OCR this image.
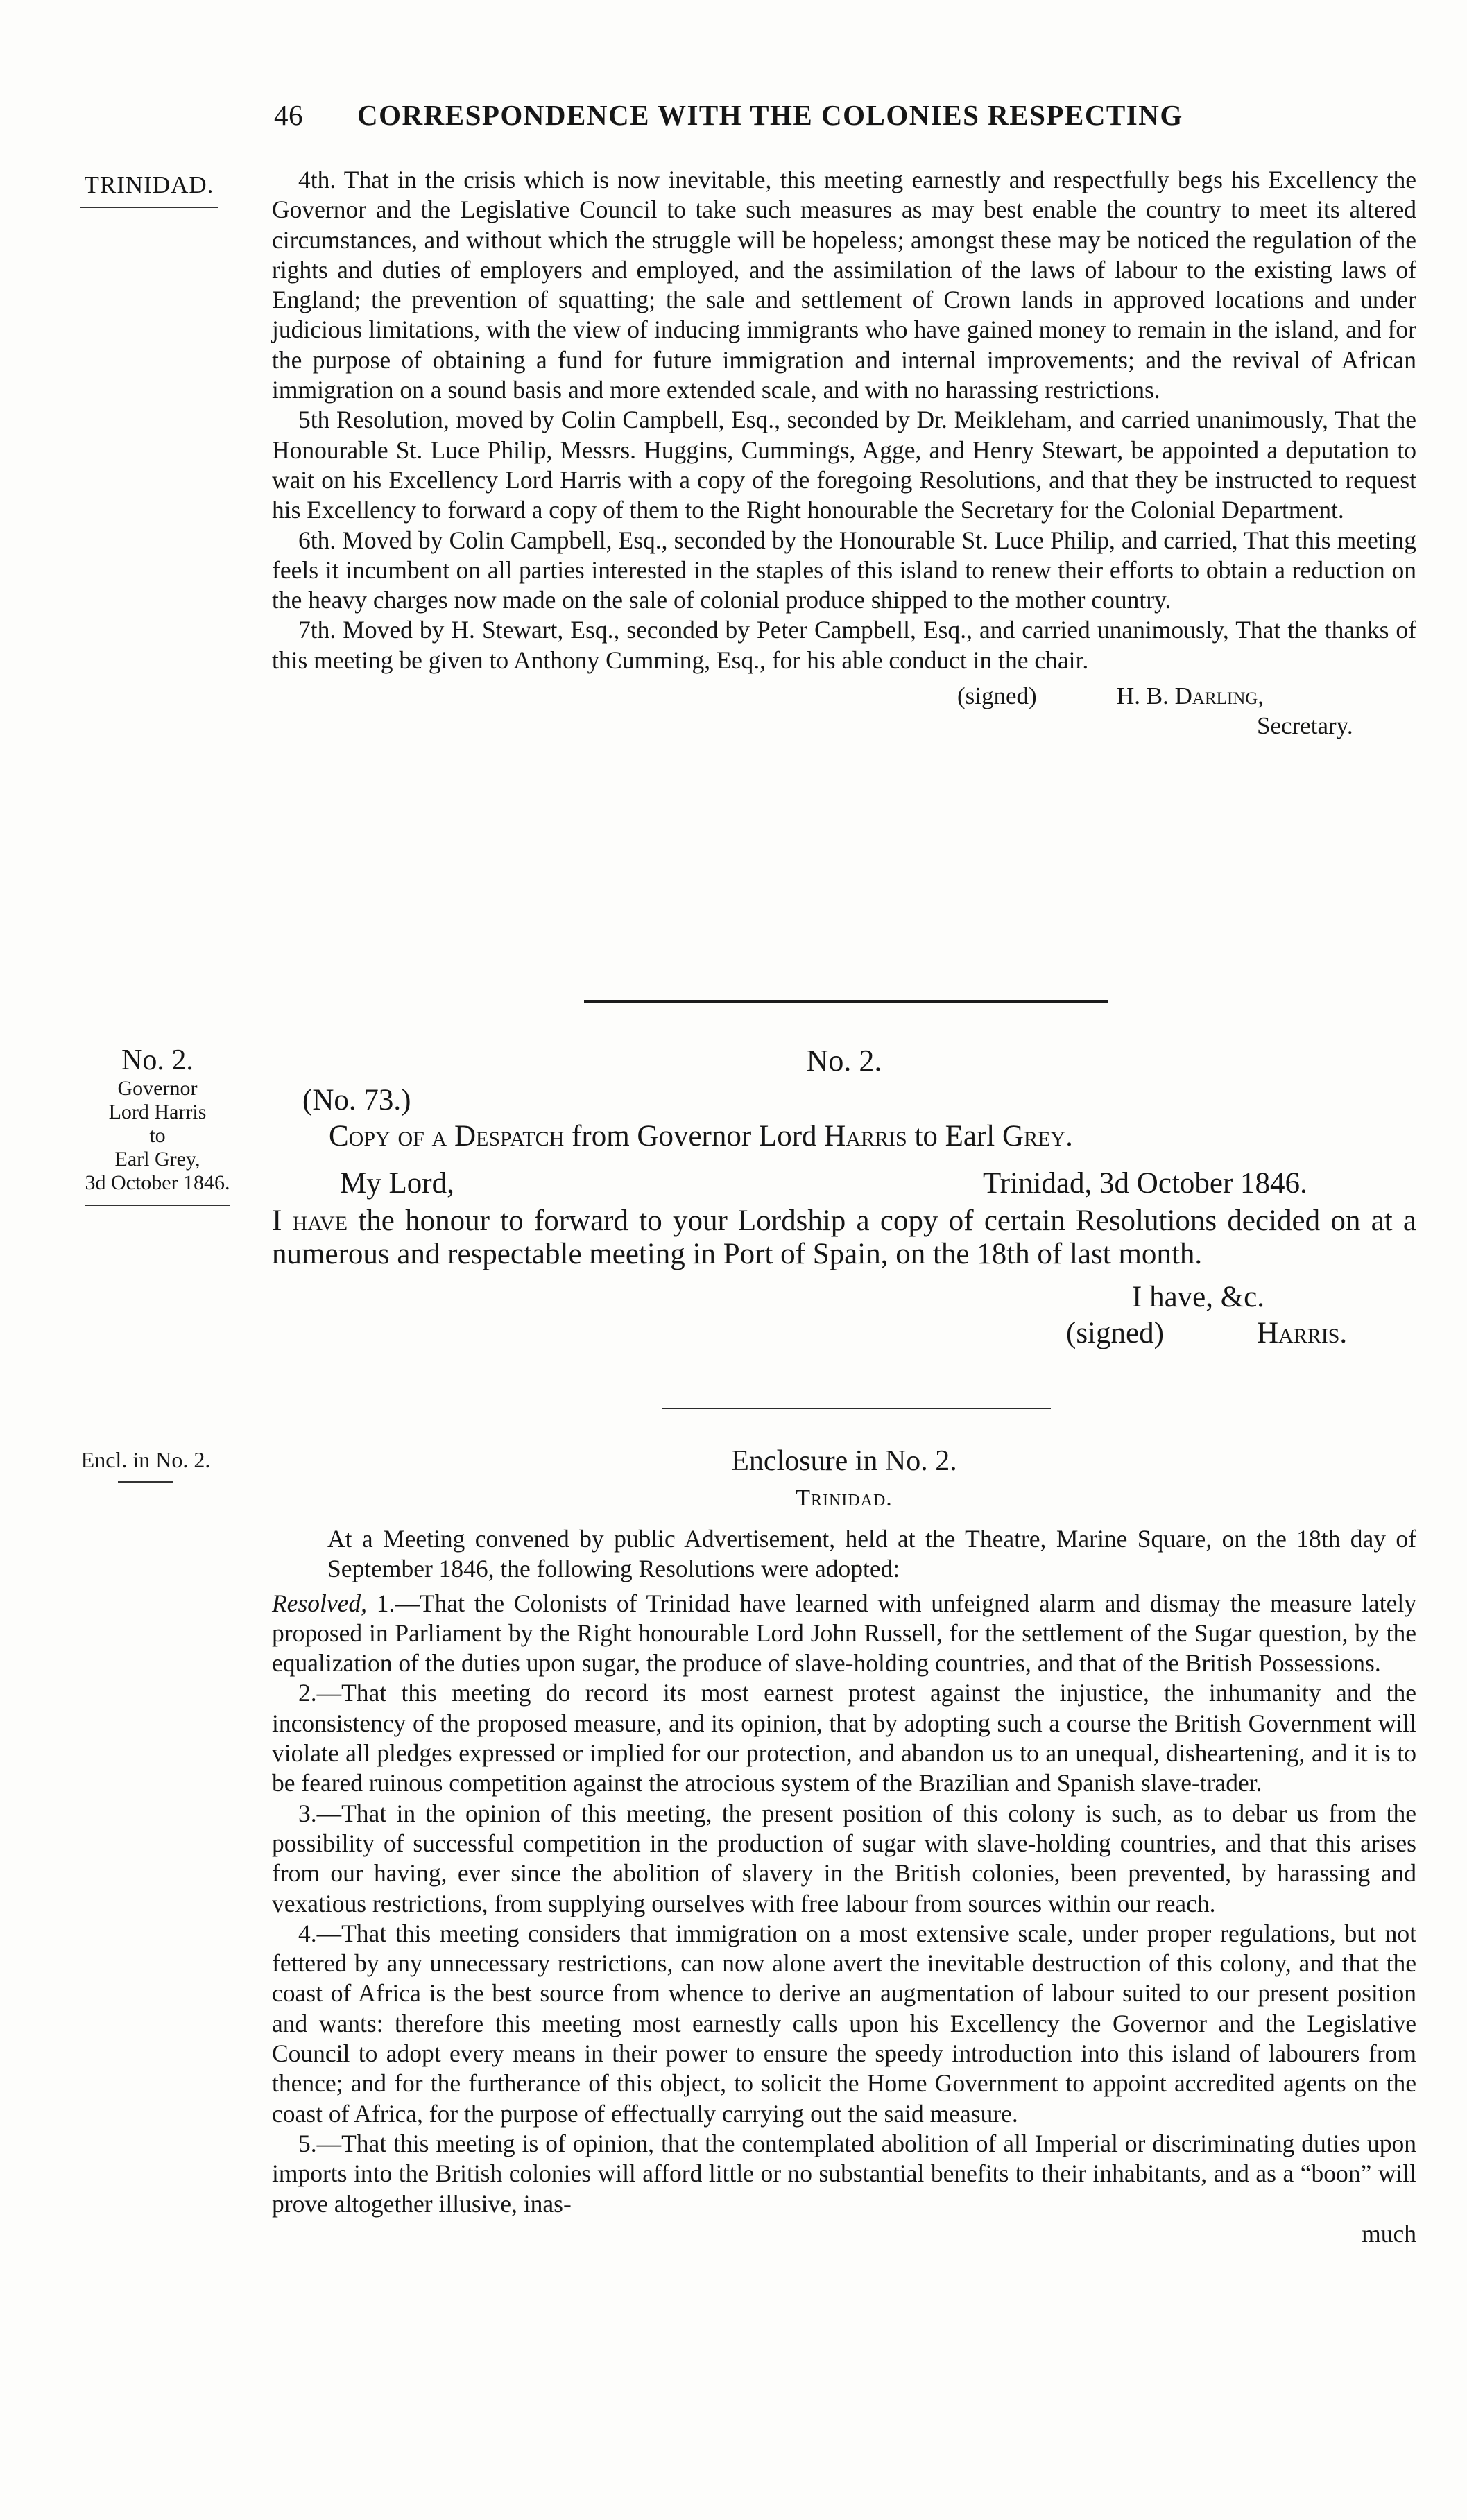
46 CORRESPONDENCE WITH THE COLONIES RESPECTING
TRINIDAD.	4th. That in the crisis which is now inevitable, this meeting earnestly and respectfully begs his Excellency the Governor and the Legislative Council to take such measures as may best enable the country to meet its altered circumstances, and without which the struggle will be hopeless; amongst these may be noticed the regulation of the rights and duties of employers and employed, and the assimilation of the laws of labour to the existing laws of England; the prevention of squatting; the sale and settlement of Crown lands in approved locations and under judicious limitations, with the view of inducing immigrants who have gained money to remain in the island, and for the purpose of obtaining a fund for future immigration and internal improvements; and the revival of African immigration on a sound basis and more extended scale, and with no harassing restrictions.

5th Resolution, moved by Colin Campbell, Esq., seconded by Dr. Meikleham, and carried unanimously, That the Honourable St. Luce Philip, Messrs. Huggins, Cummings, Agge, and Henry Stewart, be appointed a deputation to wait on his Excellency Lord Harris with a copy of the foregoing Resolutions, and that they be instructed to request his Excellency to forward a copy of them to the Right honourable the Secretary for the Colonial Department.

6th. Moved by Colin Campbell, Esq., seconded by the Honourable St. Luce Philip, and carried, That this meeting feels it incumbent on all parties interested in the staples of this island to renew their efforts to obtain a reduction on the heavy charges now made on the sale of colonial produce shipped to the mother country.

7th. Moved by H. Stewart, Esq., seconded by Peter Campbell, Esq., and carried unanimously, That the thanks of this meeting be given to Anthony Cumming, Esq., for his able conduct in the chair.

(signed)	H. B. Darling,
Secretary.
No. 2.
Governor
Lord Harris
to
Earl Grey,
3d October 1846.
No. 2.
(No. 73.)
Copy of a Despatch from Governor Lord Harris to Earl Grey.
My Lord,	Trinidad, 3d October 1846.

I have the honour to forward to your Lordship a copy of certain Resolutions decided on at a numerous and respectable meeting in Port of Spain, on the 18th of last month.

I have, &c.
(signed)	Harris.
Encl. in No. 2.	Enclosure in No. 2.
Trinidad.

At a Meeting convened by public Advertisement, held at the Theatre, Marine Square, on the 18th day of September 1846, the following Resolutions were adopted:

Resolved, 1.—That the Colonists of Trinidad have learned with unfeigned alarm and dismay the measure lately proposed in Parliament by the Right honourable Lord John Russell, for the settlement of the Sugar question, by the equalization of the duties upon sugar, the produce of slave-holding countries, and that of the British Possessions.

2.—That this meeting do record its most earnest protest against the injustice, the inhumanity and the inconsistency of the proposed measure, and its opinion, that by adopting such a course the British Government will violate all pledges expressed or implied for our protection, and abandon us to an unequal, disheartening, and it is to be feared ruinous competition against the atrocious system of the Brazilian and Spanish slave-trader.

3.—That in the opinion of this meeting, the present position of this colony is such, as to debar us from the possibility of successful competition in the production of sugar with slave-holding countries, and that this arises from our having, ever since the abolition of slavery in the British colonies, been prevented, by harassing and vexatious restrictions, from supplying ourselves with free labour from sources within our reach.

4.—That this meeting considers that immigration on a most extensive scale, under proper regulations, but not fettered by any unnecessary restrictions, can now alone avert the inevitable destruction of this colony, and that the coast of Africa is the best source from whence to derive an augmentation of labour suited to our present position and wants: therefore this meeting most earnestly calls upon his Excellency the Governor and the Legislative Council to adopt every means in their power to ensure the speedy introduction into this island of labourers from thence; and for the furtherance of this object, to solicit the Home Government to appoint accredited agents on the coast of Africa, for the purpose of effectually carrying out the said measure.

5.—That this meeting is of opinion, that the contemplated abolition of all Imperial or discriminating duties upon imports into the British colonies will afford little or no substantial benefits to their inhabitants, and as a “boon” will prove altogether illusive, inas-

much
